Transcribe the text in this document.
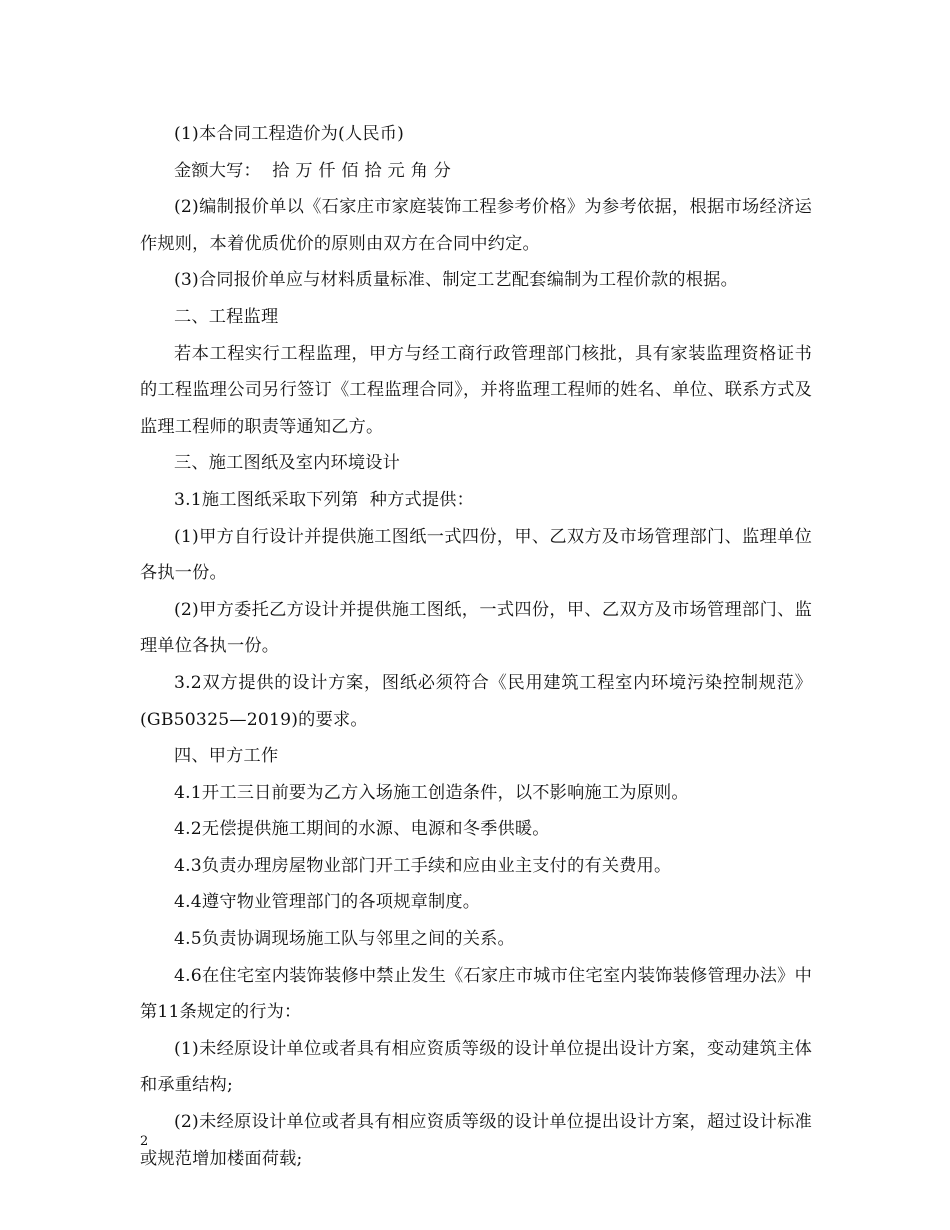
(1)本合同工程造价为(人民币)

金额大写：  拾 万 仟 佰 拾 元 角 分

(2)编制报价单以《石家庄市家庭装饰工程参考价格》为参考依据，根据市场经济运作规则，本着优质优价的原则由双方在合同中约定。

(3)合同报价单应与材料质量标准、制定工艺配套编制为工程价款的根据。

二、工程监理

若本工程实行工程监理，甲方与经工商行政管理部门核批，具有家装监理资格证书的工程监理公司另行签订《工程监理合同》，并将监理工程师的姓名、单位、联系方式及监理工程师的职责等通知乙方。

三、施工图纸及室内环境设计

3.1施工图纸采取下列第  种方式提供：

(1)甲方自行设计并提供施工图纸一式四份，甲、乙双方及市场管理部门、监理单位各执一份。

(2)甲方委托乙方设计并提供施工图纸，一式四份，甲、乙双方及市场管理部门、监理单位各执一份。

3.2双方提供的设计方案，图纸必须符合《民用建筑工程室内环境污染控制规范》(GB50325—2019)的要求。

四、甲方工作

4.1开工三日前要为乙方入场施工创造条件，以不影响施工为原则。

4.2无偿提供施工期间的水源、电源和冬季供暖。

4.3负责办理房屋物业部门开工手续和应由业主支付的有关费用。

4.4遵守物业管理部门的各项规章制度。

4.5负责协调现场施工队与邻里之间的关系。

4.6在住宅室内装饰装修中禁止发生《石家庄市城市住宅室内装饰装修管理办法》中第11条规定的行为：

(1)未经原设计单位或者具有相应资质等级的设计单位提出设计方案，变动建筑主体和承重结构;

(2)未经原设计单位或者具有相应资质等级的设计单位提出设计方案，超过设计标准或规范增加楼面荷载;

2
